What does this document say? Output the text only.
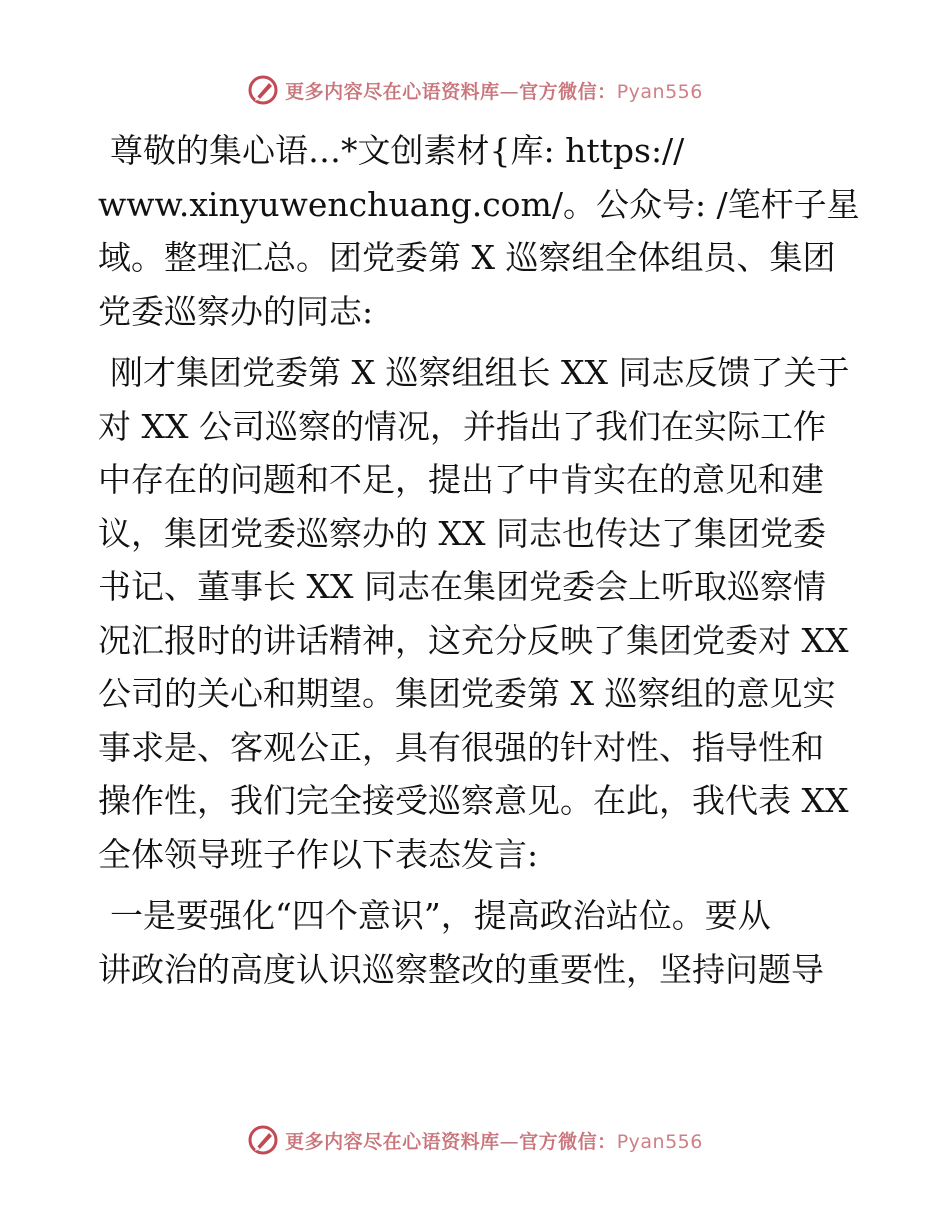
更多内容尽在心语资料库—官方微信：Pyan556

尊敬的集心语…*文创素材{库: https://
www.xinyuwenchuang.com/。公众号: /笔杆子星
域。整理汇总。团党委第 X 巡察组全体组员、集团
党委巡察办的同志:

刚才集团党委第 X 巡察组组长 XX 同志反馈了关于
对 XX 公司巡察的情况，并指出了我们在实际工作
中存在的问题和不足，提出了中肯实在的意见和建
议，集团党委巡察办的 XX 同志也传达了集团党委
书记、董事长 XX 同志在集团党委会上听取巡察情
况汇报时的讲话精神，这充分反映了集团党委对 XX
公司的关心和期望。集团党委第 X 巡察组的意见实
事求是、客观公正，具有很强的针对性、指导性和
操作性，我们完全接受巡察意见。在此，我代表 XX
全体领导班子作以下表态发言:

一是要强化“四个意识”，提高政治站位。要从
讲政治的高度认识巡察整改的重要性，坚持问题导

更多内容尽在心语资料库—官方微信：Pyan556
